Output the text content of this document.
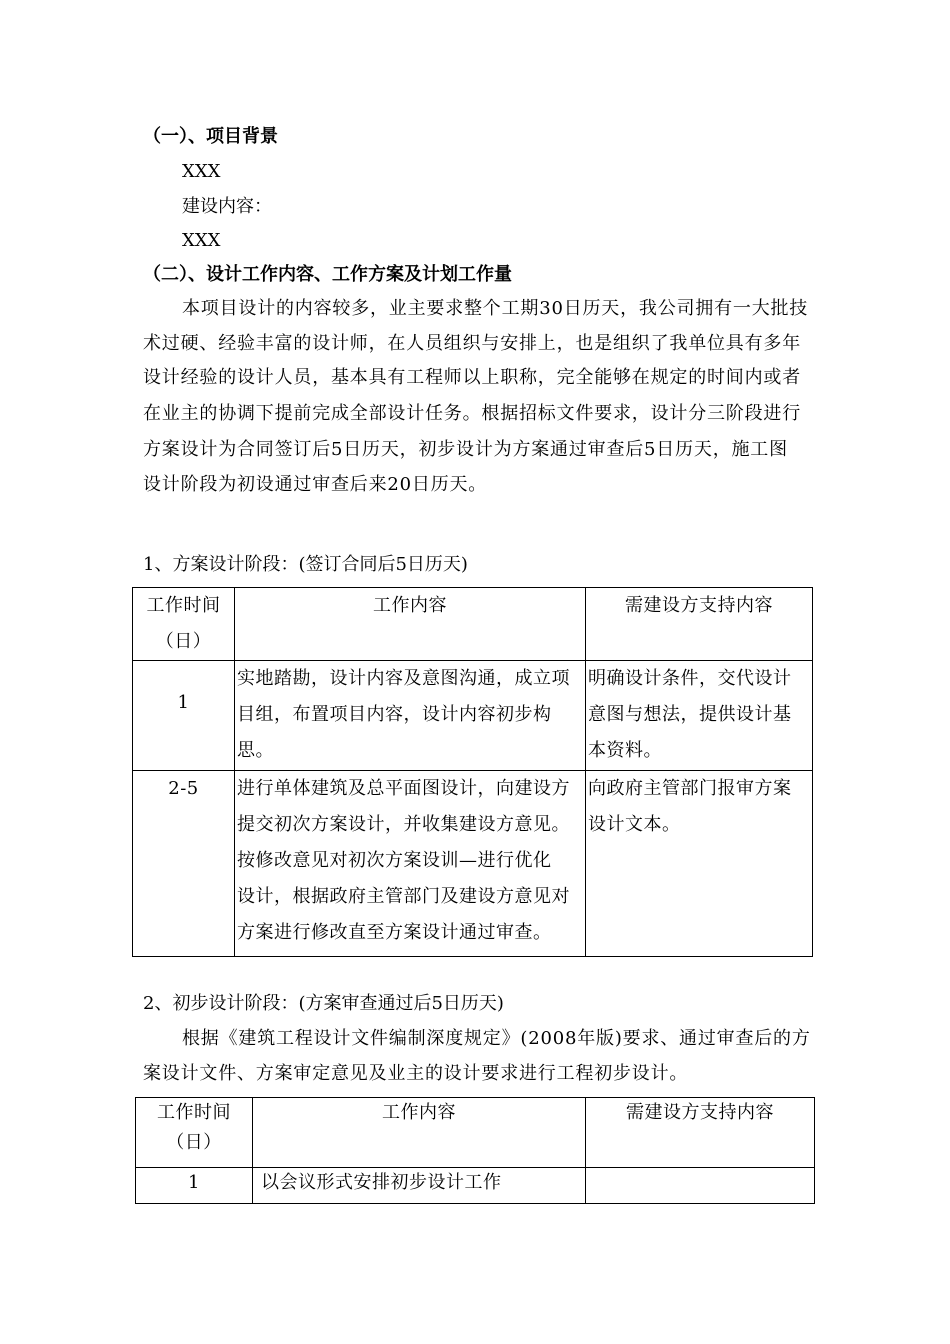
（一）、项目背景
XXX
建设内容：
XXX
（二）、设计工作内容、工作方案及计划工作量
本项目设计的内容较多，业主要求整个工期30日历天，我公司拥有一大批技
术过硬、经验丰富的设计师，在人员组织与安排上，也是组织了我单位具有多年
设计经验的设计人员，基本具有工程师以上职称，完全能够在规定的时间内或者
在业主的协调下提前完成全部设计任务。根据招标文件要求，设计分三阶段进行
方案设计为合同签订后5日历天，初步设计为方案通过审查后5日历天，施工图
设计阶段为初设通过审查后来20日历天。
1、方案设计阶段：(签订合同后5日历天)
工作时间
（日）	工作内容	需建设方支持内容
1	实地踏勘，设计内容及意图沟通，成立项
目组，布置项目内容，设计内容初步构
思。	明确设计条件，交代设计
意图与想法，提供设计基
本资料。

2-5	进行单体建筑及总平面图设计，向建设方
提交初次方案设计，并收集建设方意见。
按修改意见对初次方案设训—进行优化
设计，根据政府主管部门及建设方意见对
方案进行修改直至方案设计通过审查。	向政府主管部门报审方案
设计文本。
2、初步设计阶段：(方案审查通过后5日历天)
根据《建筑工程设计文件编制深度规定》(2008年版)要求、通过审查后的方
案设计文件、方案审定意见及业主的设计要求进行工程初步设计。
工作时间
（日）	工作内容	需建设方支持内容
1	以会议形式安排初步设计工作	
